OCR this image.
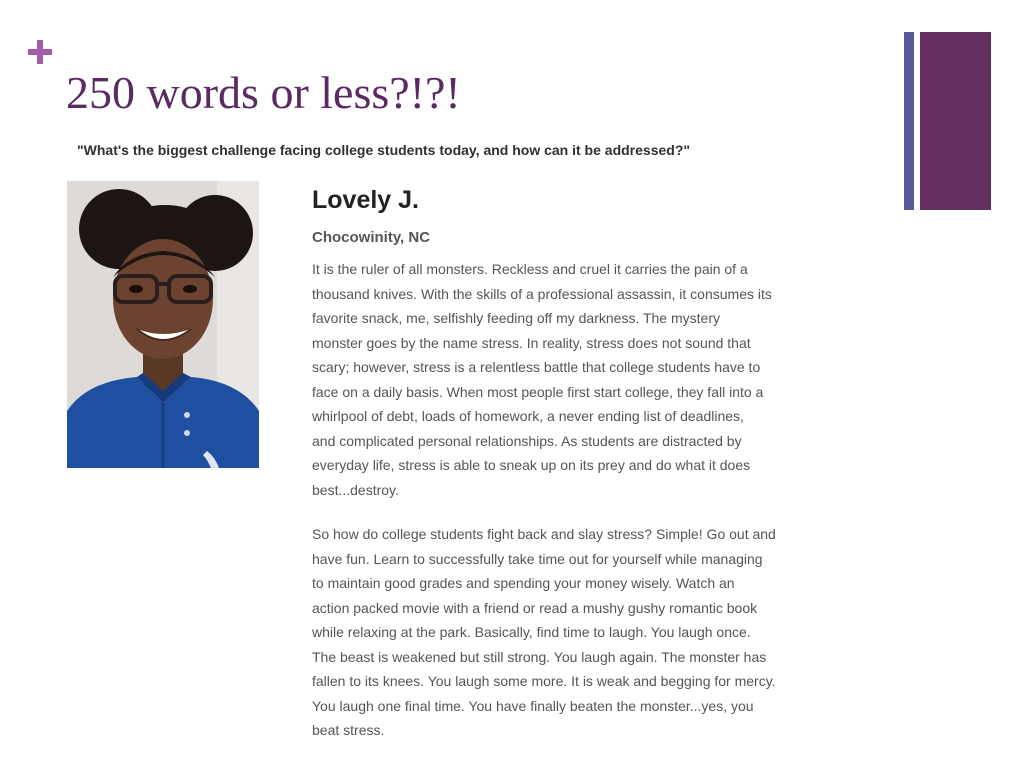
250 words or less?!?!
"What's the biggest challenge facing college students today, and how can it be addressed?"
Lovely J.
Chocowinity, NC

It is the ruler of all monsters. Reckless and cruel it carries the pain of a
thousand knives. With the skills of a professional assassin, it consumes its
favorite snack, me, selfishly feeding off my darkness. The mystery
monster goes by the name stress. In reality, stress does not sound that
scary; however, stress is a relentless battle that college students have to
face on a daily basis. When most people first start college, they fall into a
whirlpool of debt, loads of homework, a never ending list of deadlines,
and complicated personal relationships. As students are distracted by
everyday life, stress is able to sneak up on its prey and do what it does
best...destroy.

So how do college students fight back and slay stress? Simple! Go out and
have fun. Learn to successfully take time out for yourself while managing
to maintain good grades and spending your money wisely. Watch an
action packed movie with a friend or read a mushy gushy romantic book
while relaxing at the park. Basically, find time to laugh. You laugh once.
The beast is weakened but still strong. You laugh again. The monster has
fallen to its knees. You laugh some more. It is weak and begging for mercy.
You laugh one final time. You have finally beaten the monster...yes, you
beat stress.
